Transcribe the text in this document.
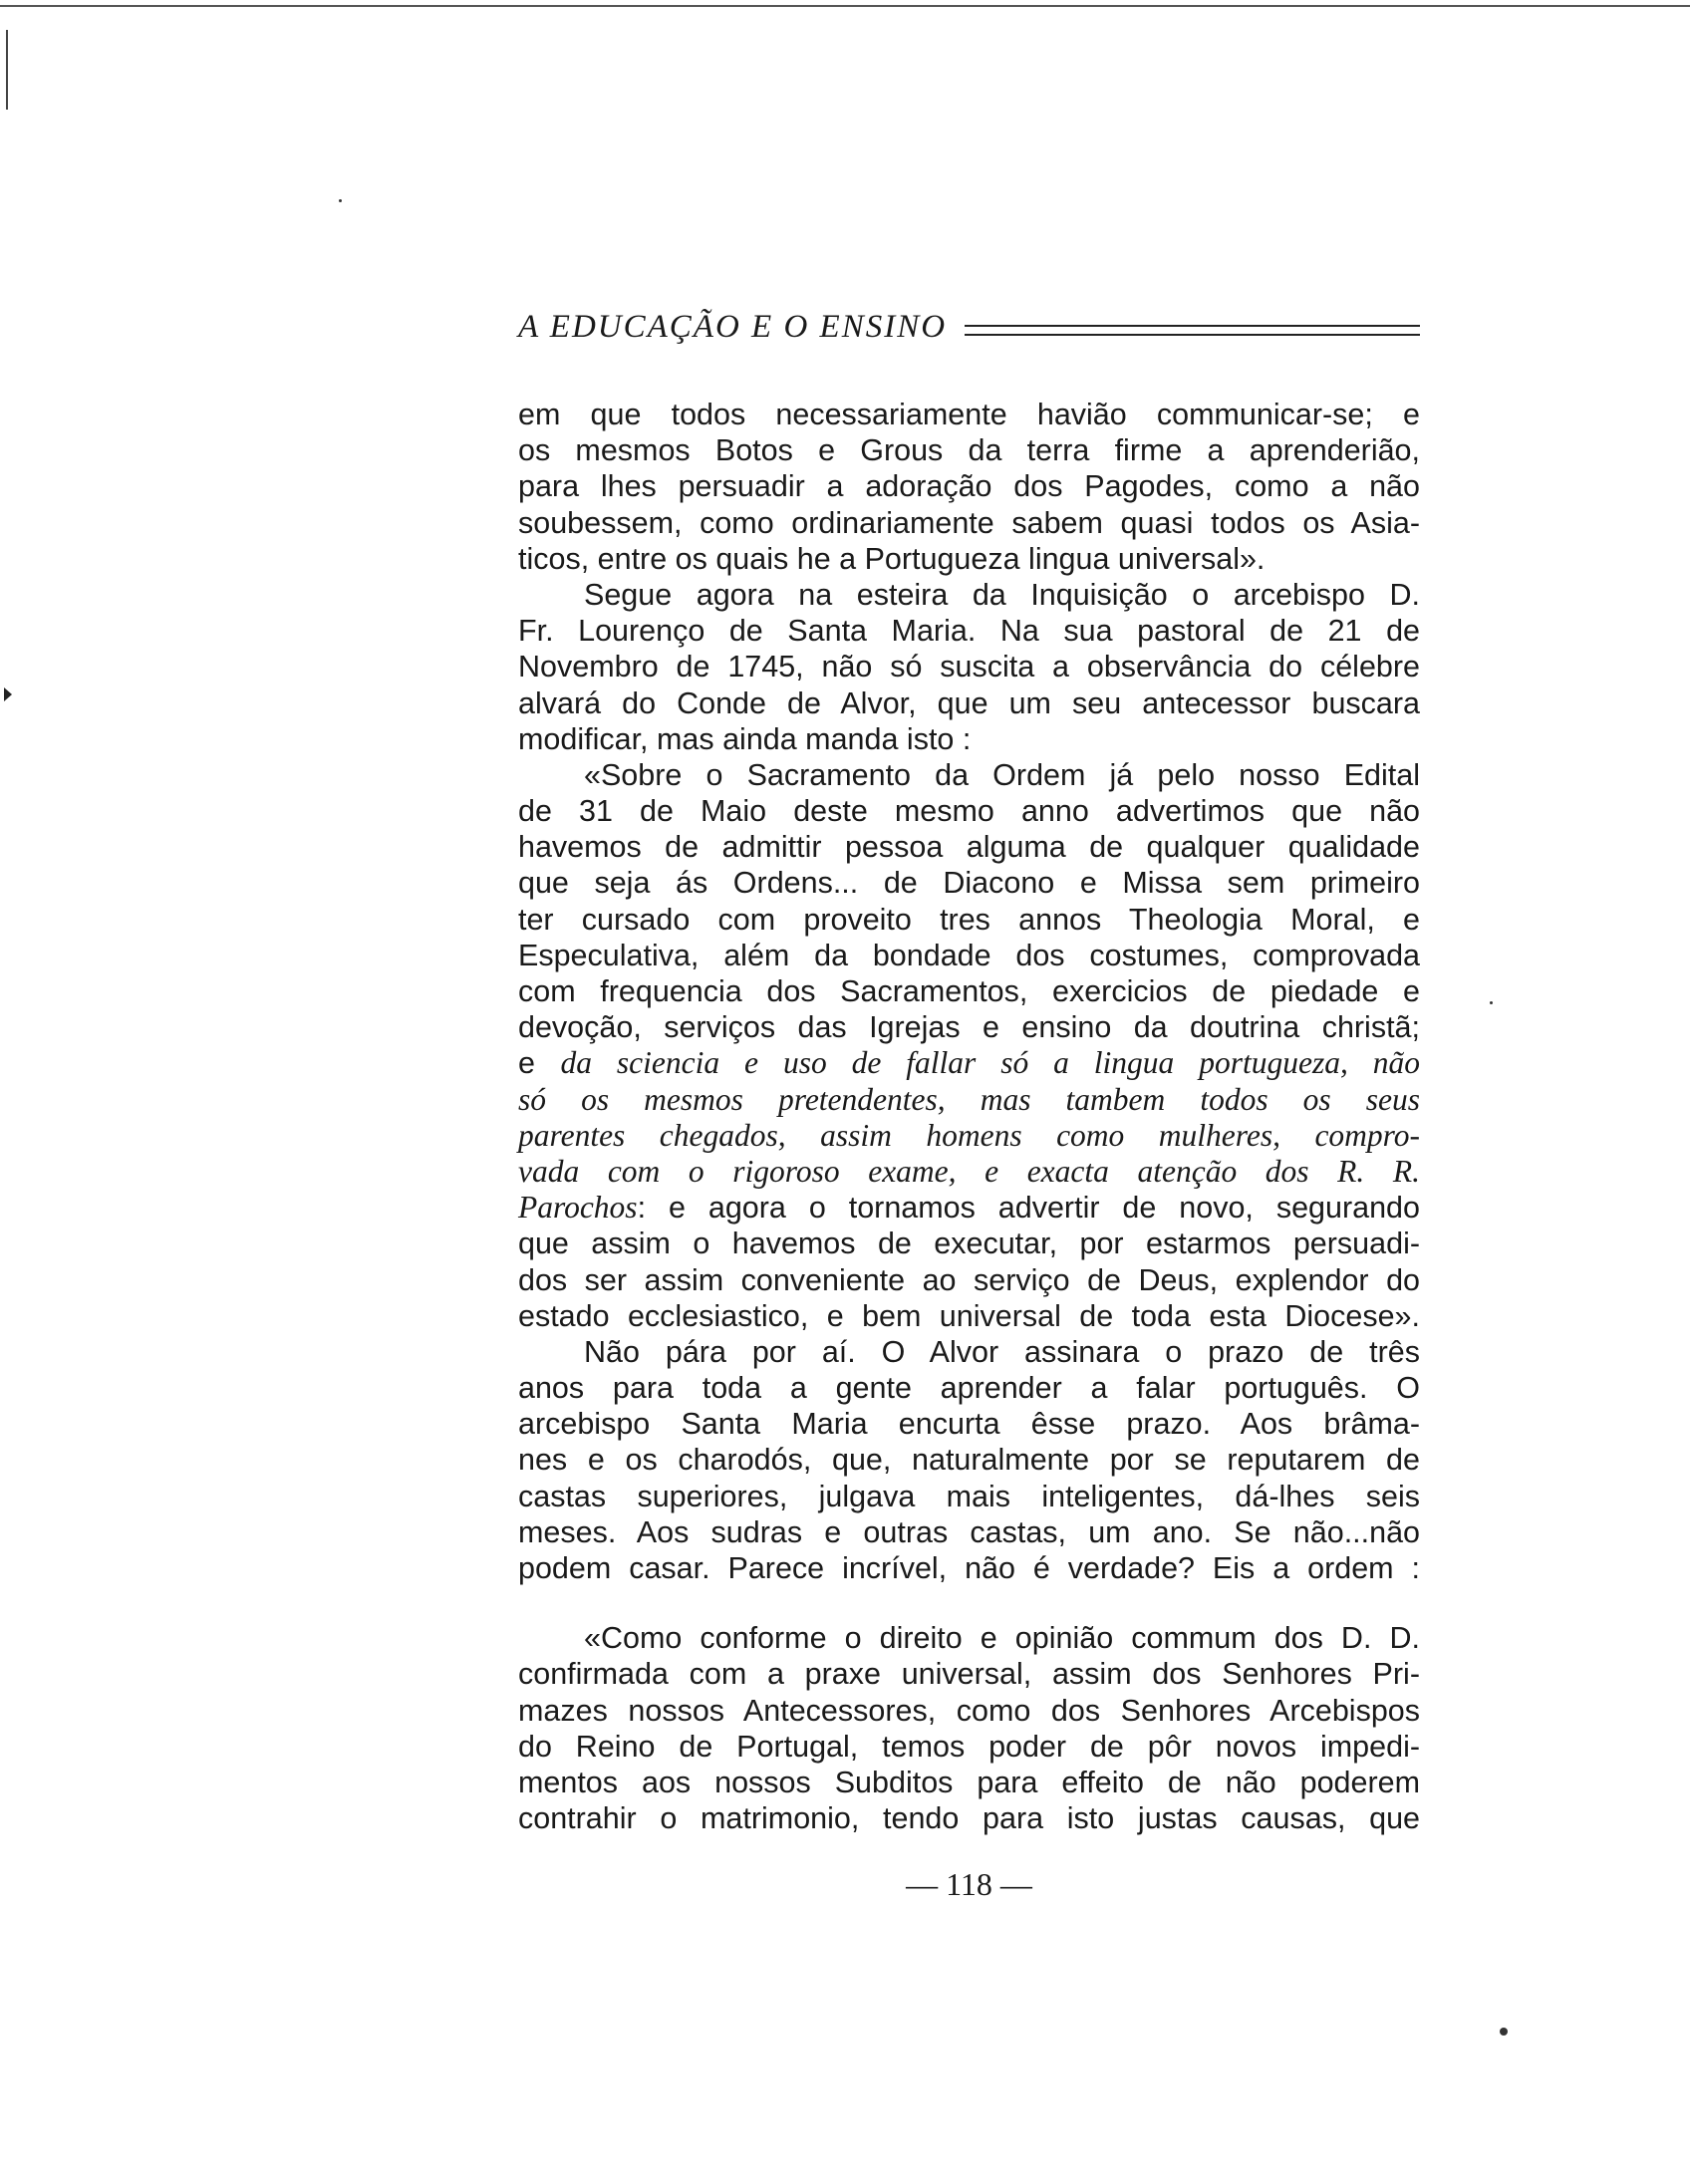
A EDUCAÇÃO E O ENSINO
em que todos necessariamente havião communicar-se; e
os mesmos Botos e Grous da terra firme a aprenderião,
para lhes persuadir a adoração dos Pagodes, como a não
soubessem, como ordinariamente sabem quasi todos os Asia-
ticos, entre os quais he a Portugueza lingua universal».
Segue agora na esteira da Inquisição o arcebispo D.
Fr. Lourenço de Santa Maria. Na sua pastoral de 21 de
Novembro de 1745, não só suscita a observância do célebre
alvará do Conde de Alvor, que um seu antecessor buscara
modificar, mas ainda manda isto :
«Sobre o Sacramento da Ordem já pelo nosso Edital
de 31 de Maio deste mesmo anno advertimos que não
havemos de admittir pessoa alguma de qualquer qualidade
que seja ás Ordens... de Diacono e Missa sem primeiro
ter cursado com proveito tres annos Theologia Moral, e
Especulativa, além da bondade dos costumes, comprovada
com frequencia dos Sacramentos, exercicios de piedade e
devoção, serviços das Igrejas e ensino da doutrina christã;
e da sciencia e uso de fallar só a lingua portugueza, não
só os mesmos pretendentes, mas tambem todos os seus
parentes chegados, assim homens como mulheres, compro-
vada com o rigoroso exame, e exacta atenção dos R. R.
Parochos: e agora o tornamos advertir de novo, segurando
que assim o havemos de executar, por estarmos persuadi-
dos ser assim conveniente ao serviço de Deus, explendor do
estado ecclesiastico, e bem universal de toda esta Diocese».
Não pára por aí. O Alvor assinara o prazo de três
anos para toda a gente aprender a falar português. O
arcebispo Santa Maria encurta êsse prazo. Aos brâma-
nes e os charodós, que, naturalmente por se reputarem de
castas superiores, julgava mais inteligentes, dá-lhes seis
meses. Aos sudras e outras castas, um ano. Se não...não
podem casar. Parece incrível, não é verdade? Eis a ordem :
«Como conforme o direito e opinião commum dos D. D.
confirmada com a praxe universal, assim dos Senhores Pri-
mazes nossos Antecessores, como dos Senhores Arcebispos
do Reino de Portugal, temos poder de pôr novos impedi-
mentos aos nossos Subditos para effeito de não poderem
contrahir o matrimonio, tendo para isto justas causas, que
— 118 —
